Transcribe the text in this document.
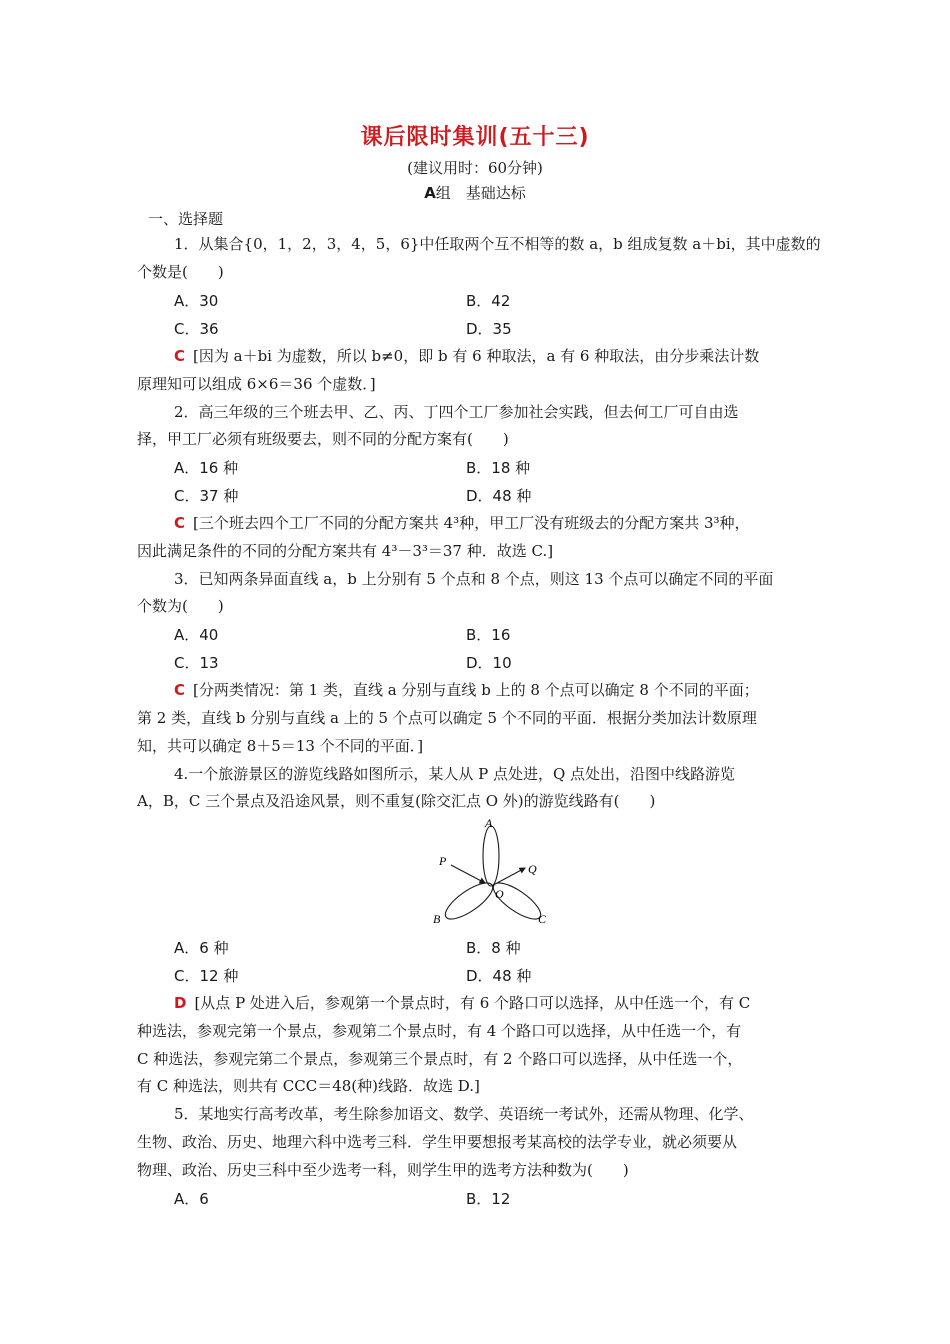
课后限时集训(五十三)
(建议用时：60分钟)
A组　基础达标
一、选择题
1．从集合{0，1，2，3，4，5，6}中任取两个互不相等的数 a，b 组成复数 a＋bi，其中虚数的
个数是(　　)
A．30	B．42
C．36	D．35
C [因为 a＋bi 为虚数，所以 b≠0，即 b 有 6 种取法，a 有 6 种取法，由分步乘法计数
原理知可以组成 6×6＝36 个虚数．]
2．高三年级的三个班去甲、乙、丙、丁四个工厂参加社会实践，但去何工厂可自由选
择，甲工厂必须有班级要去，则不同的分配方案有(　　)
A．16 种	B．18 种
C．37 种	D．48 种
C [三个班去四个工厂不同的分配方案共 4³种，甲工厂没有班级去的分配方案共 3³种，
因此满足条件的不同的分配方案共有 4³－3³＝37 种．故选 C.]
3．已知两条异面直线 a，b 上分别有 5 个点和 8 个点，则这 13 个点可以确定不同的平面
个数为(　　)
A．40	B．16
C．13	D．10
C [分两类情况：第 1 类，直线 a 分别与直线 b 上的 8 个点可以确定 8 个不同的平面；
第 2 类，直线 b 分别与直线 a 上的 5 个点可以确定 5 个不同的平面．根据分类加法计数原理
知，共可以确定 8＋5＝13 个不同的平面．]
4.一个旅游景区的游览线路如图所示，某人从 P 点处进，Q 点处出，沿图中线路游览
A，B，C 三个景点及沿途风景，则不重复(除交汇点 O 外)的游览线路有(　　)
A
P
Q
O
B	C
A．6 种	B．8 种
C．12 种	D．48 种
D [从点 P 处进入后，参观第一个景点时，有 6 个路口可以选择，从中任选一个，有 C
种选法，参观完第一个景点，参观第二个景点时，有 4 个路口可以选择，从中任选一个，有
C 种选法，参观完第二个景点，参观第三个景点时，有 2 个路口可以选择，从中任选一个，
有 C 种选法，则共有 CCC＝48(种)线路．故选 D.]
5．某地实行高考改革，考生除参加语文、数学、英语统一考试外，还需从物理、化学、
生物、政治、历史、地理六科中选考三科．学生甲要想报考某高校的法学专业，就必须要从
物理、政治、历史三科中至少选考一科，则学生甲的选考方法种数为(　　)
A．6	B．12
